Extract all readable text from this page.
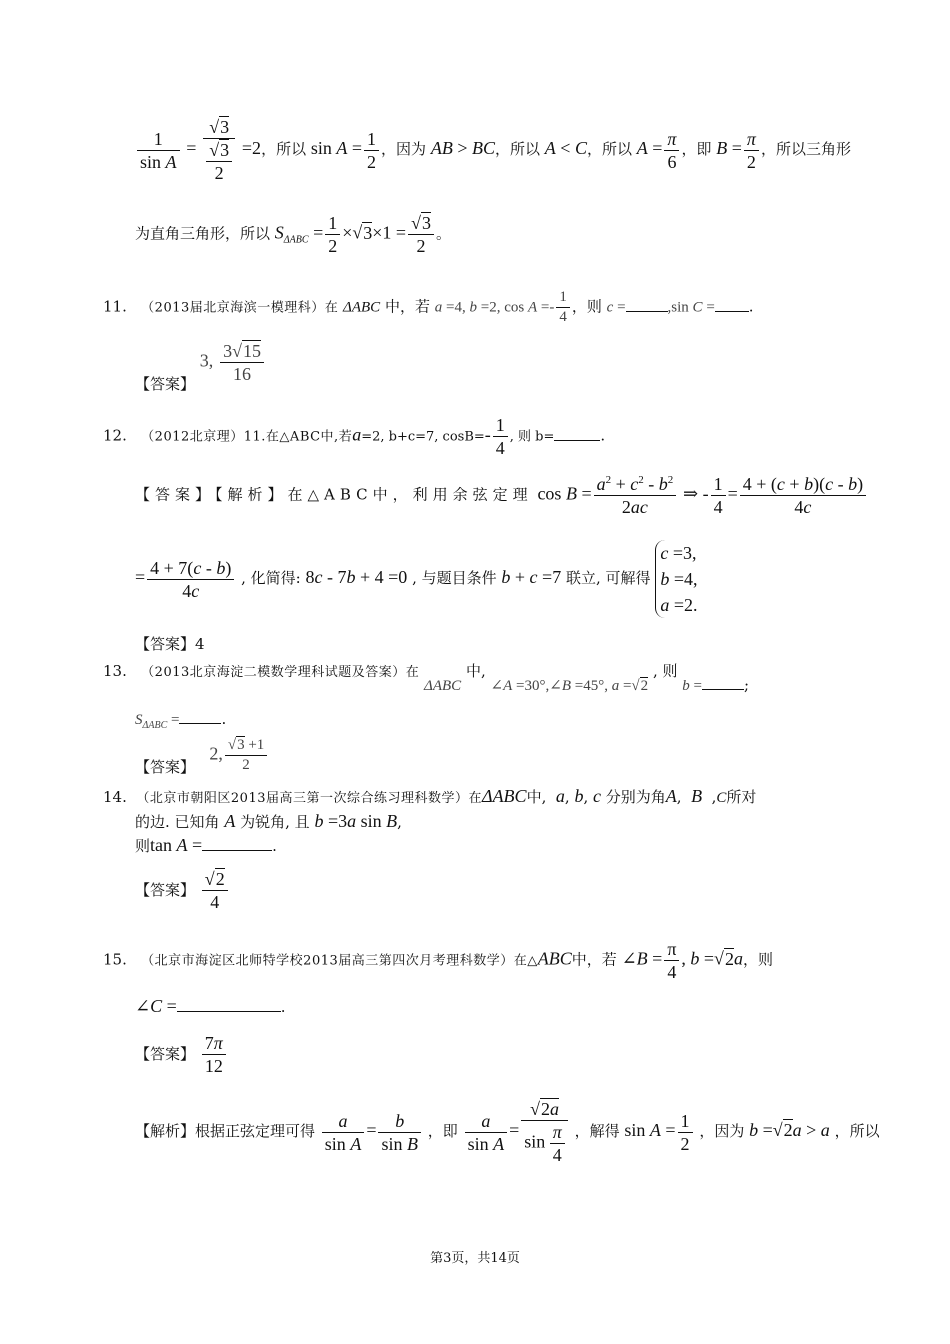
$\frac{1}{\text{sin A}} = \frac{√3}{\frac{√3}{2}} =2$，所以 $\sin A = \frac{1}{2}$ ，因为 AB > BC，所以 A < C，所以 $A = \frac{\pi}{6}$ ，即 $B = \frac{\pi}{2}$ ，所以三角形
为直角三角形，所以 $S_{\Delta ABC} = \frac{1}{2} \times√3\times 1 = \frac{√3}{2}$ 。
11. （2013届北京海滨一模理科）在 ΔABC 中，若 a =4, b =2, $\cos A =- \frac{1}{4}$ ，则 c =	,sin C = .
【答案】 3, $\frac{3√15}{16}$
12. （2012北京理）11.在△ABC中,若a=2, b+c=7, $\cos B=- \frac{1}{4}$ , 则 b=	.
【答案】【解析】在△ABC中，利用余弦定理 $\cos B = \frac{a^2 + c^2 - b^2}{2ac}$ ⇒ - $\frac{1}{4} = \frac{4 + (c + b)(c - b)}{4c}$
= $\frac{4 + 7(c - b)}{4c}$ , 化简得: 8c - 7b + 4 =0 , 与题目条件 b + c =7 联立, 可解得
c =3,
b =4,
a =2.
【答案】4
13. （2013北京海淀二模数学理科试题及答案）在 ΔABC 中, ∠A =30°,∠B =45°, a =√2 , 则 b =	;
$S_{\Delta ABC}$ =	.
【答案】   2, $\frac{√3 +1}{2}$
14. （北京市朝阳区2013届高三第一次综合练习理科数学）在ΔABC中, a, b, c 分别为角A,  B  ,C所对
的边. 已知角 A 为锐角, 且 b =3a sin B,
则tan A =	.
【答案】 $\frac{√2}{4}$
15. （北京市海淀区北师特学校2013届高三第四次月考理科数学）在△ABC中，若 ∠B = $\frac{\pi}{4}$ , b =√2a，则
∠C =	.
【答案】 $\frac{7\pi}{12}$
【解析】根据正弦定理可得 $\frac{a}{\text{sin A}} = \frac{b}{\text{sin B}}$ ，即 $\frac{a}{\text{sin A}} = \frac{√2a}{\sin \frac{\pi}{4}}$ ，解得 $\sin A = \frac{1}{2}$ ，因为 b =√2a > a ，所以
第3页，共14页
